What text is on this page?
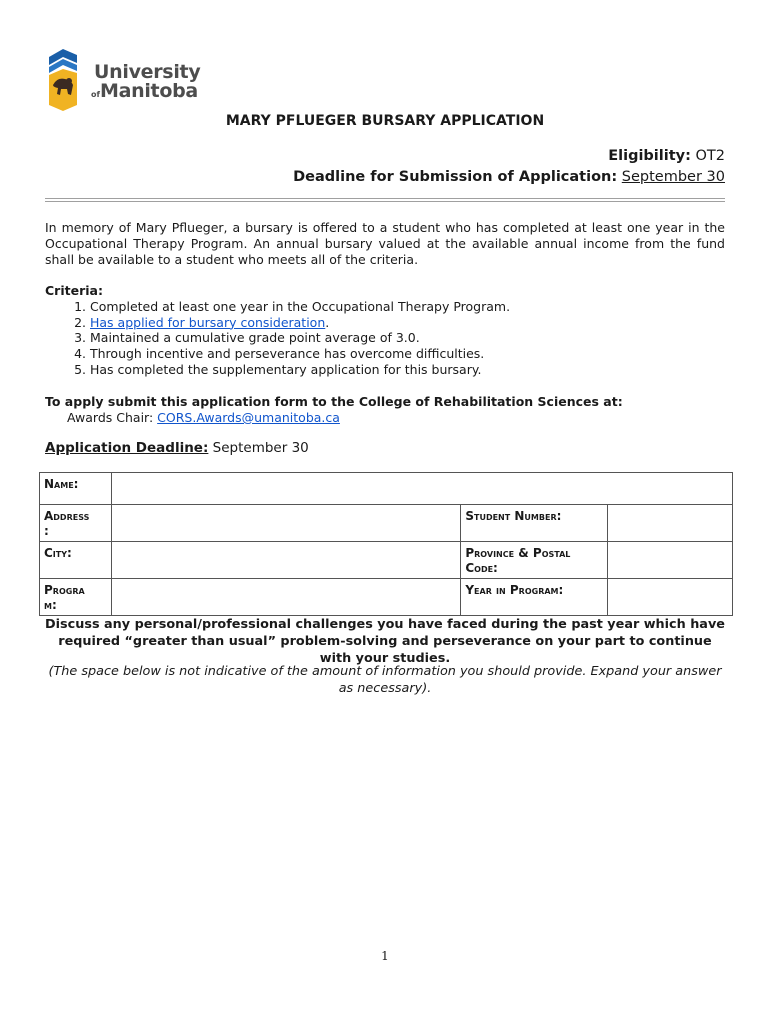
University
ofManitoba
MARY PFLUEGER BURSARY APPLICATION
Eligibility: OT2
Deadline for Submission of Application: September 30
In memory of Mary Pflueger, a bursary is offered to a student who has completed at least one year in the Occupational Therapy Program. An annual bursary valued at the available annual income from the fund shall be available to a student who meets all of the criteria.
Criteria:
1. Completed at least one year in the Occupational Therapy Program.
2. Has applied for bursary consideration.
3. Maintained a cumulative grade point average of 3.0.
4. Through incentive and perseverance has overcome difficulties.
5. Has completed the supplementary application for this bursary.
To apply submit this application form to the College of Rehabilitation Sciences at:
Awards Chair: CORS.Awards@umanitoba.ca
Application Deadline: September 30
Name:			
Address
:		Student Number:	
City:		Province & Postal Code:	
Progra
m:		Year in Program:	
Discuss any personal/professional challenges you have faced during the past year which have required “greater than usual” problem-solving and perseverance on your part to continue with your studies.
(The space below is not indicative of the amount of information you should provide. Expand your answer as necessary).
1
